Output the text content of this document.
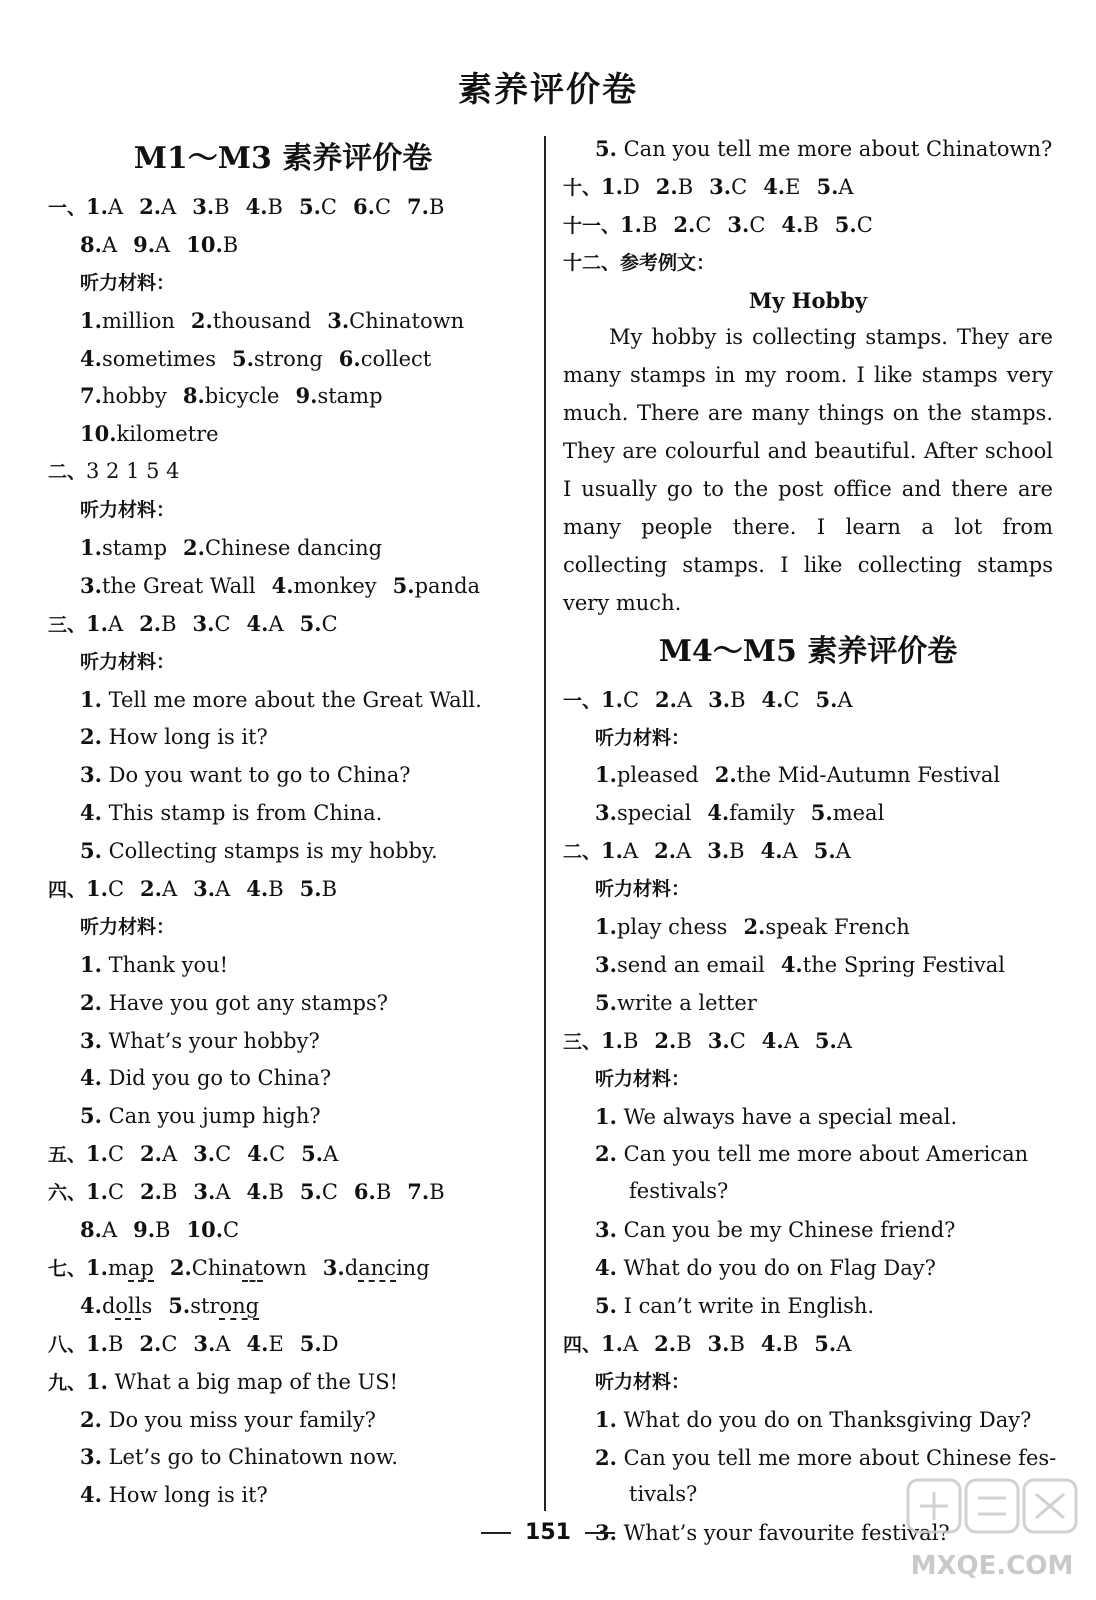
素养评价卷
M1～M3 素养评价卷
一、1.A 2.A 3.B 4.B 5.C 6.C 7.B
8.A 9.A 10.B
听力材料：
1.million 2.thousand 3.Chinatown
4.sometimes 5.strong 6.collect
7.hobby 8.bicycle 9.stamp
10.kilometre
二、3 2 1 5 4
听力材料：
1.stamp 2.Chinese dancing
3.the Great Wall 4.monkey 5.panda
三、1.A 2.B 3.C 4.A 5.C
听力材料：
1. Tell me more about the Great Wall.
2. How long is it?
3. Do you want to go to China?
4. This stamp is from China.
5. Collecting stamps is my hobby.
四、1.C 2.A 3.A 4.B 5.B
听力材料：
1. Thank you!
2. Have you got any stamps?
3. What’s your hobby?
4. Did you go to China?
5. Can you jump high?
五、1.C 2.A 3.C 4.C 5.A
六、1.C 2.B 3.A 4.B 5.C 6.B 7.B
8.A 9.B 10.C
七、1.map 2.Chinatown 3.dancing
4.dolls 5.strong
八、1.B 2.C 3.A 4.E 5.D
九、1. What a big map of the US!
2. Do you miss your family?
3. Let’s go to Chinatown now.
4. How long is it?
5. Can you tell me more about Chinatown?
十、1.D 2.B 3.C 4.E 5.A
十一、1.B 2.C 3.C 4.B 5.C
十二、参考例文：
My Hobby

My hobby is collecting stamps. They are many stamps in my room. I like stamps very much. There are many things on the stamps. They are colourful and beautiful. After school I usually go to the post office and there are many people there. I learn a lot from collecting stamps. I like collecting stamps very much.

M4～M5 素养评价卷
一、1.C 2.A 3.B 4.C 5.A
听力材料：
1.pleased 2.the Mid-Autumn Festival
3.special 4.family 5.meal
二、1.A 2.A 3.B 4.A 5.A
听力材料：
1.play chess 2.speak French
3.send an email 4.the Spring Festival
5.write a letter
三、1.B 2.B 3.C 4.A 5.A
听力材料：
1. We always have a special meal.
2. Can you tell me more about American
festivals?
3. Can you be my Chinese friend?
4. What do you do on Flag Day?
5. I can’t write in English.
四、1.A 2.B 3.B 4.B 5.A
听力材料：
1. What do you do on Thanksgiving Day?
2. Can you tell me more about Chinese fes-
tivals?
3. What’s your favourite festival?
151
MXQE.COM
